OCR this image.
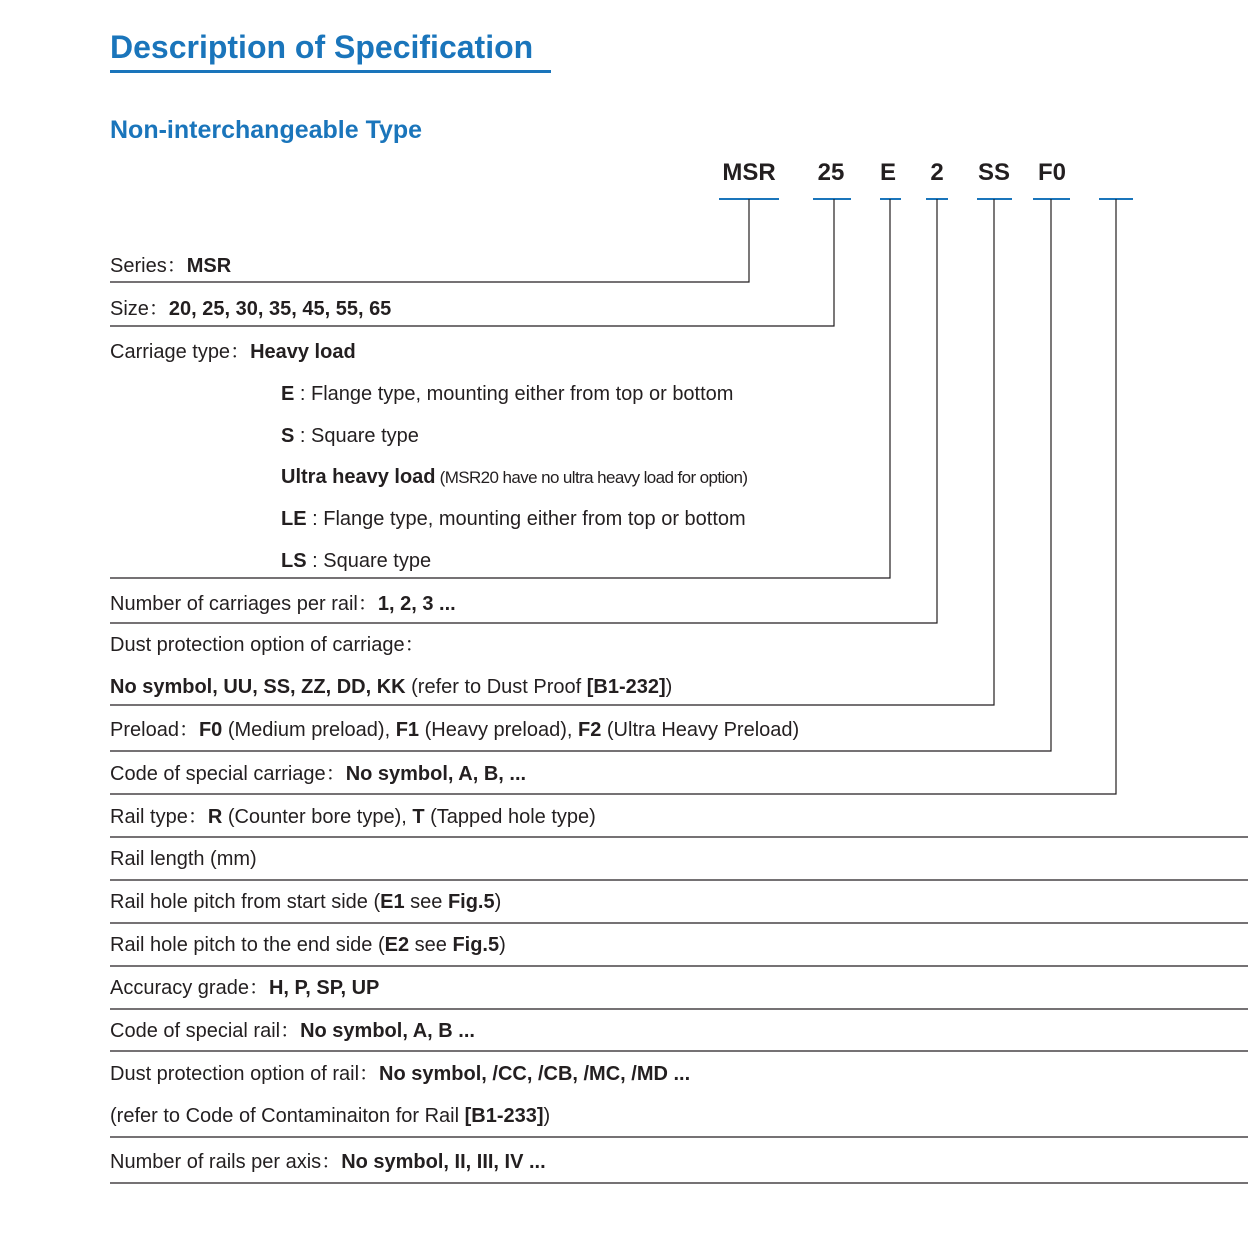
Description of Specification
Non-interchangeable Type
MSR	25	E	2	SS	F0
Series：MSR
Size：20, 25, 30, 35, 45, 55, 65
Carriage type：Heavy load
E : Flange type, mounting either from top or bottom
S : Square type
Ultra heavy load (MSR20 have no ultra heavy load for option)
LE : Flange type, mounting either from top or bottom
LS : Square type
Number of carriages per rail：1, 2, 3 ...
Dust protection option of carriage：
No symbol, UU, SS, ZZ, DD, KK (refer to Dust Proof [B1-232])
Preload：F0 (Medium preload), F1 (Heavy preload), F2 (Ultra Heavy Preload)
Code of special carriage：No symbol, A, B, ...
Rail type：R (Counter bore type), T (Tapped hole type)
Rail length (mm)
Rail hole pitch from start side (E1 see Fig.5)
Rail hole pitch to the end side (E2 see Fig.5)
Accuracy grade：H, P, SP, UP
Code of special rail：No symbol, A, B ...
Dust protection option of rail：No symbol, /CC, /CB, /MC, /MD ...
(refer to Code of Contaminaiton for Rail [B1-233])
Number of rails per axis：No symbol, II, III, IV ...
